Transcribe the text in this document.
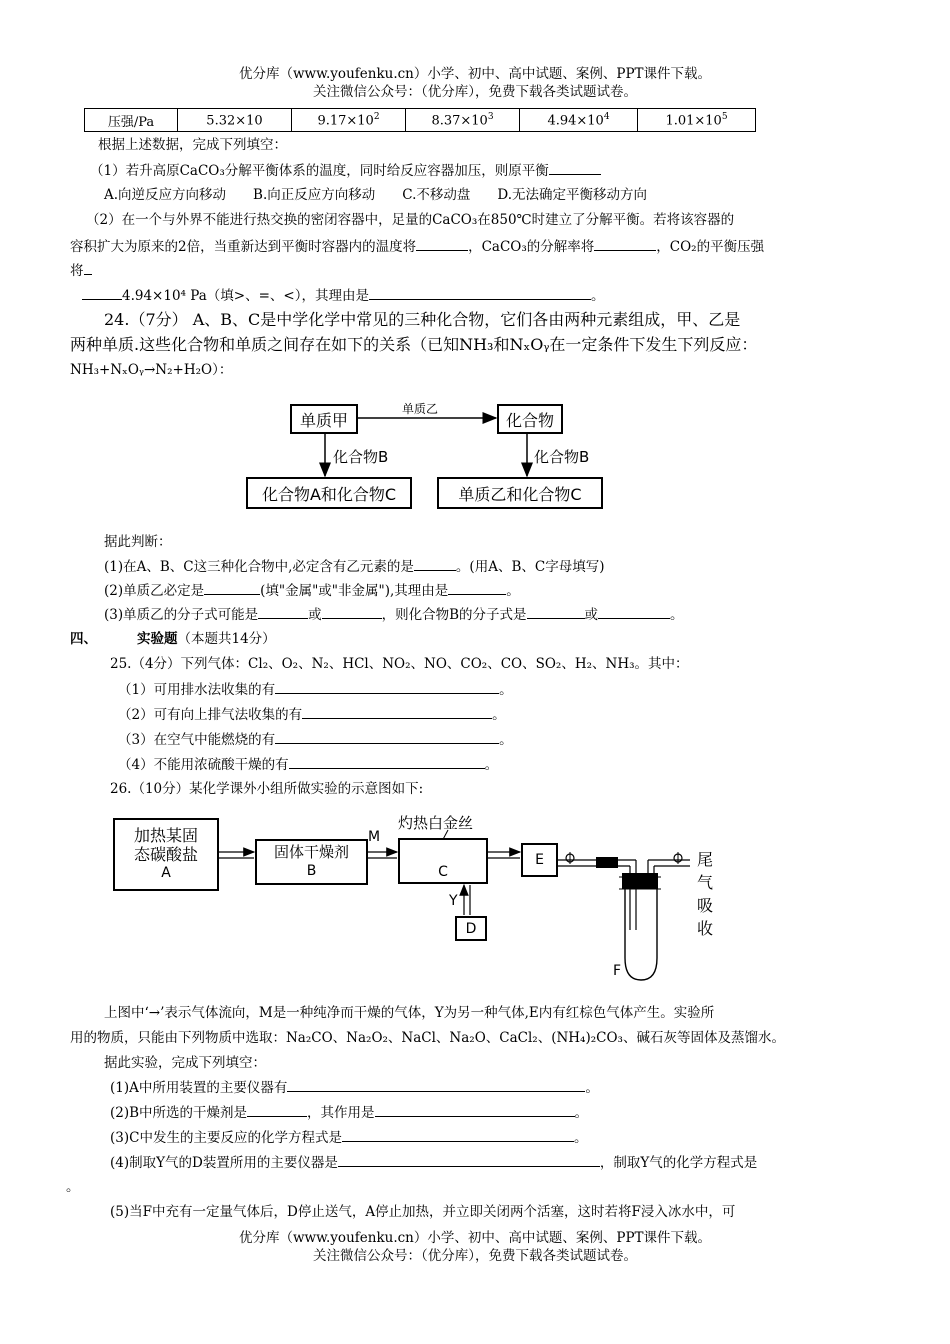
优分库（www.youfenku.cn）小学、初中、高中试题、案例、PPT课件下载。
关注微信公众号：（优分库），免费下载各类试题试卷。
压强/Pa	5.32×10	$9.17\times 10^2$	$8.37\times 10^3$	$4.94\times 10^4$	$1.01\times 10^5$
根据上述数据，完成下列填空：
（1）若升高原CaCO₃分解平衡体系的温度，同时给反应容器加压，则原平衡
A.向逆反应方向移动　　B.向正反应方向移动　　C.不移动盘　　D.无法确定平衡移动方向
（2）在一个与外界不能进行热交换的密闭容器中，足量的CaCO₃在850℃时建立了分解平衡。若将该容器的
容积扩大为原来的2倍，当重新达到平衡时容器内的温度将	，CaCO₃的分解率将	，CO₂的平衡压强
将
4.94×10⁴ Pa（填>、=、<），其理由是	。
24.（7分） A、B、C是中学化学中常见的三种化合物，它们各由两种元素组成，甲、乙是
两种单质.这些化合物和单质之间存在如下的关系（已知NH₃和NₓOᵧ在一定条件下发生下列反应：
NH₃+NₓOᵧ→N₂+H₂O）：
单质甲
单质乙
化合物
化合物B	化合物B
化合物A和化合物C	单质乙和化合物C
据此判断：
(1)在A、B、C这三种化合物中,必定含有乙元素的是	。(用A、B、C字母填写)
(2)单质乙必定是	(填"金属"或"非金属"),其理由是	。
(3)单质乙的分子式可能是	或	，则化合物B的分子式是	或	。
四、	实验题（本题共14分）
25.（4分）下列气体：Cl₂、O₂、N₂、HCl、NO₂、NO、CO₂、CO、SO₂、H₂、NH₃。其中：
（1）可用排水法收集的有	。
（2）可有向上排气法收集的有	。
（3）在空气中能燃烧的有	。
（4）不能用浓硫酸干燥的有	。
26.（10分）某化学课外小组所做实验的示意图如下:
加热某固
态碳酸盐
A
固体干燥剂
B
M
灼热白金丝
C
Y
D
E
F
尾
气
吸
收
上图中‘→’表示气体流向，M是一种纯净而干燥的气体，Y为另一种气体,E内有红棕色气体产生。实验所
用的物质，只能由下列物质中选取：Na₂CO、Na₂O₂、NaCl、Na₂O、CaCl₂、(NH₄)₂CO₃、碱石灰等固体及蒸馏水。
据此实验，完成下列填空：
(1)A中所用装置的主要仪器有	。
(2)B中所选的干燥剂是	，其作用是	。
(3)C中发生的主要反应的化学方程式是	。
(4)制取Y气的D装置所用的主要仪器是	，制取Y气的化学方程式是
。
(5)当F中充有一定量气体后，D停止送气，A停止加热，并立即关闭两个活塞，这时若将F浸入冰水中，可
优分库（www.youfenku.cn）小学、初中、高中试题、案例、PPT课件下载。
关注微信公众号：（优分库），免费下载各类试题试卷。
